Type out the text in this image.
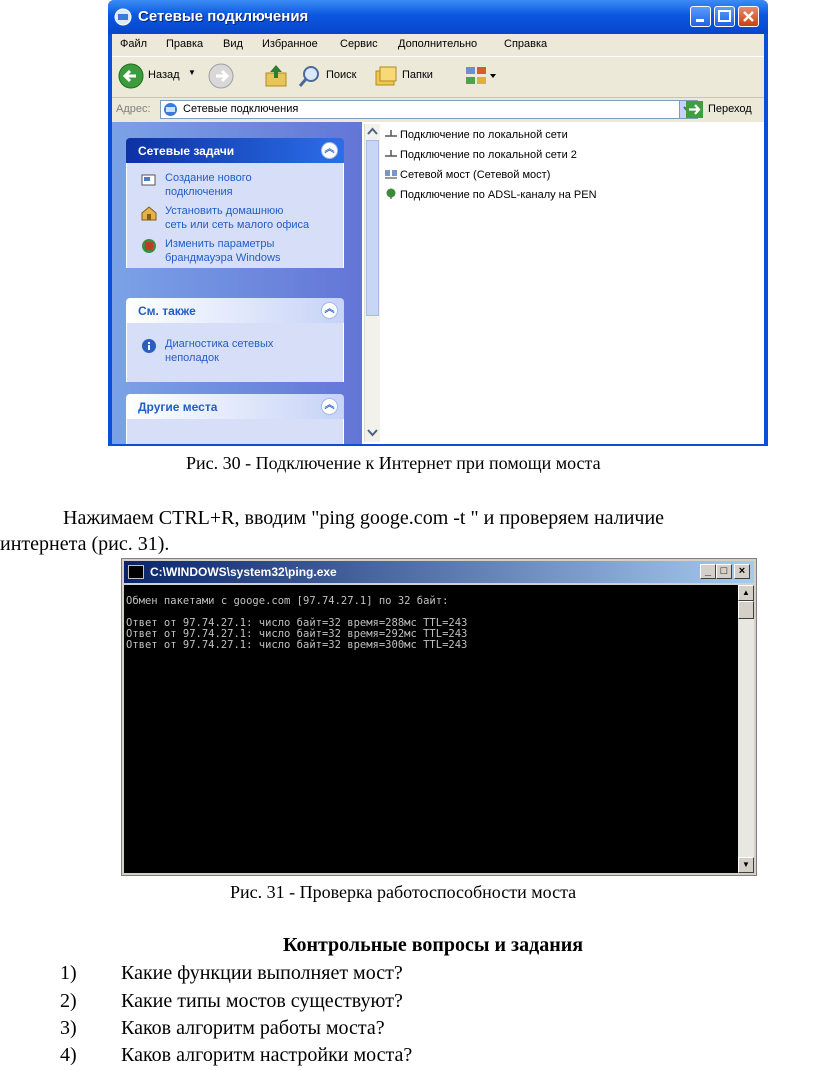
Сетевые подключения
Файл Правка Вид Избранное Сервис Дополнительно Справка
Назад ▼	Поиск	Папки
Адрес:	Сетевые подключения	Переход
Сетевые задачи	︽
Создание нового
подключения
Установить домашнюю
сеть или сеть малого офиса
Изменить параметры
брандмауэра Windows
См. также	︽
Диагностика сетевых
неполадок
Другие места	︽
Подключение по локальной сети
Подключение по локальной сети 2
Сетевой мост (Сетевой мост)
Подключение по ADSL-каналу на PEN
Рис. 30 - Подключение к Интернет при помощи моста
Нажимаем CTRL+R, вводим "ping googe.com -t " и проверяем наличие
интернета (рис. 31).
C:\WINDOWS\system32\ping.exe	_ □	×
Обмен пакетами с googe.com [97.74.27.1] по 32 байт:
Ответ от 97.74.27.1: число байт=32 время=288мс TTL=243
Ответ от 97.74.27.1: число байт=32 время=292мс TTL=243
Ответ от 97.74.27.1: число байт=32 время=300мс TTL=243
▲
▼
Рис. 31 - Проверка работоспособности моста
Контрольные вопросы и задания
1) Какие функции выполняет мост?
2) Какие типы мостов существуют?
3) Каков алгоритм работы моста?
4) Каков алгоритм настройки моста?
